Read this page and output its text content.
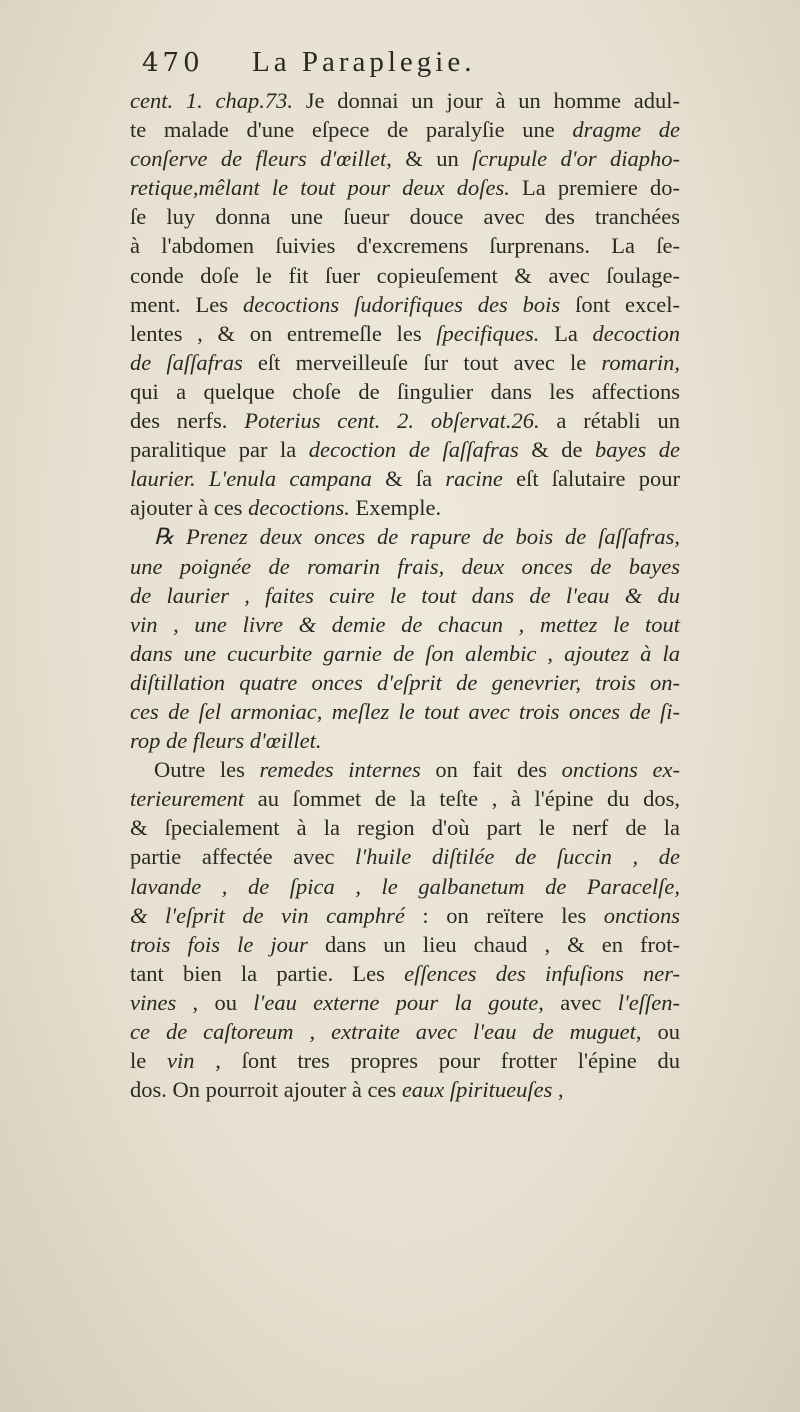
470 La Paraplegie.
cent. 1. chap.73. Je donnai un jour à un homme adul-
te malade d'une eſpece de paralyſie une dragme de
conſerve de fleurs d'œillet, & un ſcrupule d'or diapho-
retique,mêlant le tout pour deux doſes. La premiere do-
ſe luy donna une ſueur douce avec des tranchées
à l'abdomen ſuivies d'excremens ſurprenans. La ſe-
conde doſe le fit ſuer copieuſement & avec ſoulage-
ment. Les decoctions ſudorifiques des bois ſont excel-
lentes , & on entremeſle les ſpecifiques. La decoction
de ſaſſafras eſt merveilleuſe ſur tout avec le romarin,
qui a quelque choſe de ſingulier dans les affections
des nerfs. Poterius cent. 2. obſervat.26. a rétabli un
paralitique par la decoction de ſaſſafras & de bayes de
laurier. L'enula campana & ſa racine eſt ſalutaire pour
ajouter à ces decoctions. Exemple.
℞ Prenez deux onces de rapure de bois de ſaſſafras,
une poignée de romarin frais, deux onces de bayes
de laurier , faites cuire le tout dans de l'eau & du
vin , une livre & demie de chacun , mettez le tout
dans une cucurbite garnie de ſon alembic , ajoutez à la
diſtillation quatre onces d'eſprit de genevrier, trois on-
ces de ſel armoniac, meſlez le tout avec trois onces de ſi-
rop de fleurs d'œillet.
Outre les remedes internes on fait des onctions ex-
terieurement au ſommet de la teſte , à l'épine du dos,
& ſpecialement à la region d'où part le nerf de la
partie affectée avec l'huile diſtilée de ſuccin , de
lavande , de ſpica , le galbanetum de Paracelſe,
& l'eſprit de vin camphré : on reïtere les onctions
trois fois le jour dans un lieu chaud , & en frot-
tant bien la partie. Les eſſences des infuſions ner-
vines , ou l'eau externe pour la goute, avec l'eſſen-
ce de caſtoreum , extraite avec l'eau de muguet, ou
le vin , ſont tres propres pour frotter l'épine du
dos. On pourroit ajouter à ces eaux ſpiritueuſes ,
